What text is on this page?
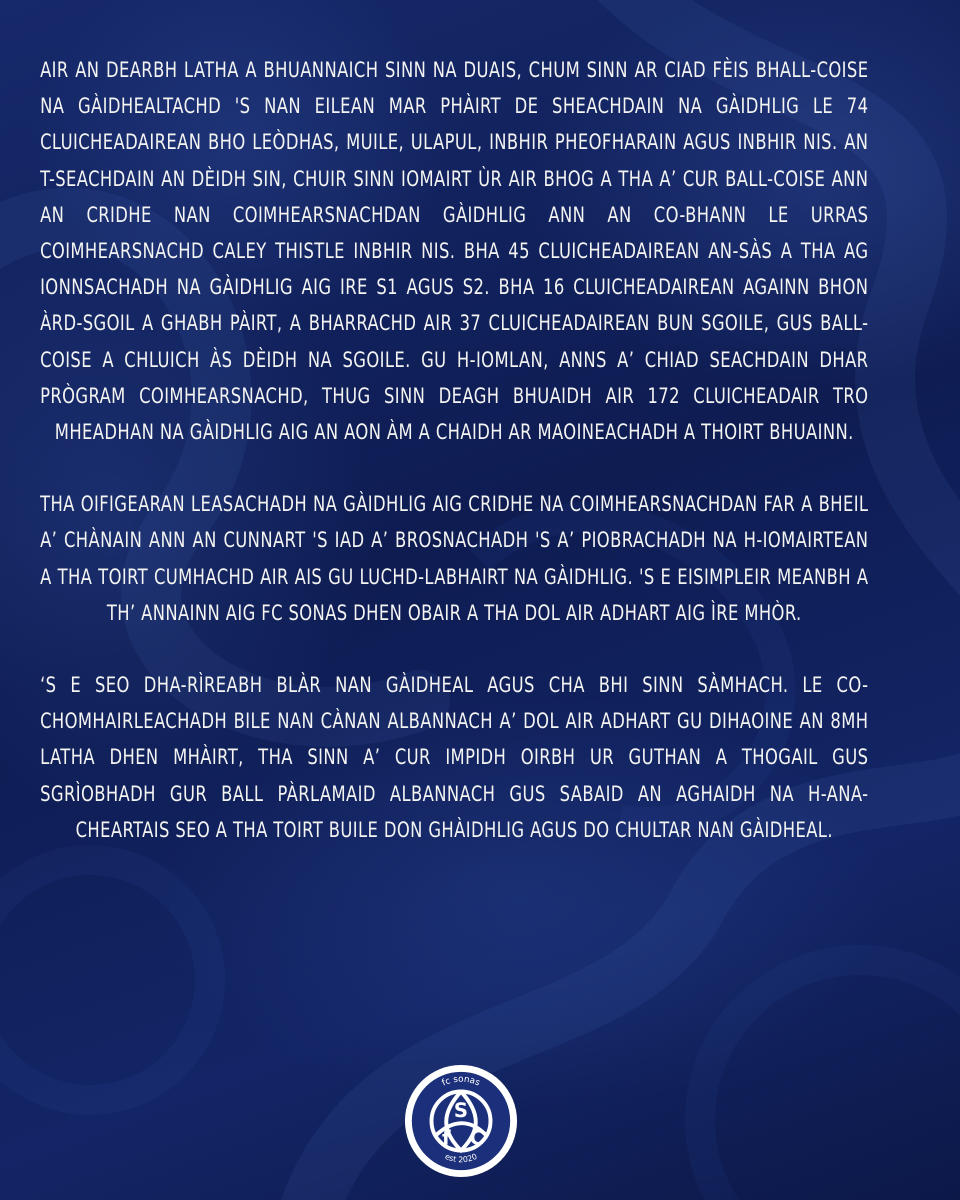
AIR AN DEARBH LATHA A BHUANNAICH SINN NA DUAIS, CHUM SINN AR CIAD FÈIS BHALL-COISE NA GÀIDHEALTACHD 'S NAN EILEAN MAR PHÀIRT DE SHEACHDAIN NA GÀIDHLIG LE 74 CLUICHEADAIREAN BHO LEÒDHAS, MUILE, ULAPUL, INBHIR PHEOFHARAIN AGUS INBHIR NIS. AN T-SEACHDAIN AN DÈIDH SIN, CHUIR SINN IOMAIRT ÙR AIR BHOG A THA A’ CUR BALL-COISE ANN AN CRIDHE NAN COIMHEARSNACHDAN GÀIDHLIG ANN AN CO-BHANN LE URRAS COIMHEARSNACHD CALEY THISTLE INBHIR NIS. BHA 45 CLUICHEADAIREAN AN-SÀS A THA AG IONNSACHADH NA GÀIDHLIG AIG IRE S1 AGUS S2. BHA 16 CLUICHEADAIREAN AGAINN BHON ÀRD-SGOIL A GHABH PÀIRT, A BHARRACHD AIR 37 CLUICHEADAIREAN BUN SGOILE, GUS BALL-COISE A CHLUICH ÀS DÈIDH NA SGOILE. GU H-IOMLAN, ANNS A’ CHIAD SEACHDAIN DHAR PRÒGRAM COIMHEARSNACHD, THUG SINN DEAGH BHUAIDH AIR 172 CLUICHEADAIR TRO MHEADHAN NA GÀIDHLIG AIG AN AON ÀM A CHAIDH AR MAOINEACHADH A THOIRT BHUAINN.

THA OIFIGEARAN LEASACHADH NA GÀIDHLIG AIG CRIDHE NA COIMHEARSNACHDAN FAR A BHEIL A’ CHÀNAIN ANN AN CUNNART 'S IAD A’ BROSNACHADH 'S A’ PIOBRACHADH NA H-IOMAIRTEAN A THA TOIRT CUMHACHD AIR AIS GU LUCHD-LABHAIRT NA GÀIDHLIG. 'S E EISIMPLEIR MEANBH A TH’ ANNAINN AIG FC SONAS DHEN OBAIR A THA DOL AIR ADHART AIG ÌRE MHÒR.

‘S E SEO DHA-RÌREABH BLÀR NAN GÀIDHEAL AGUS CHA BHI SINN SÀMHACH. LE CO-CHOMHAIRLEACHADH BILE NAN CÀNAN ALBANNACH A’ DOL AIR ADHART GU DIHAOINE AN 8MH LATHA DHEN MHÀIRT, THA SINN A’ CUR IMPIDH OIRBH UR GUTHAN A THOGAIL GUS SGRÌOBHADH GUR BALL PÀRLAMAID ALBANNACH GUS SABAID AN AGHAIDH NA H-ANA-CHEARTAIS SEO A THA TOIRT BUILE DON GHÀIDHLIG AGUS DO CHULTAR NAN GÀIDHEAL.

fc sonas
est 2020
S
f C
